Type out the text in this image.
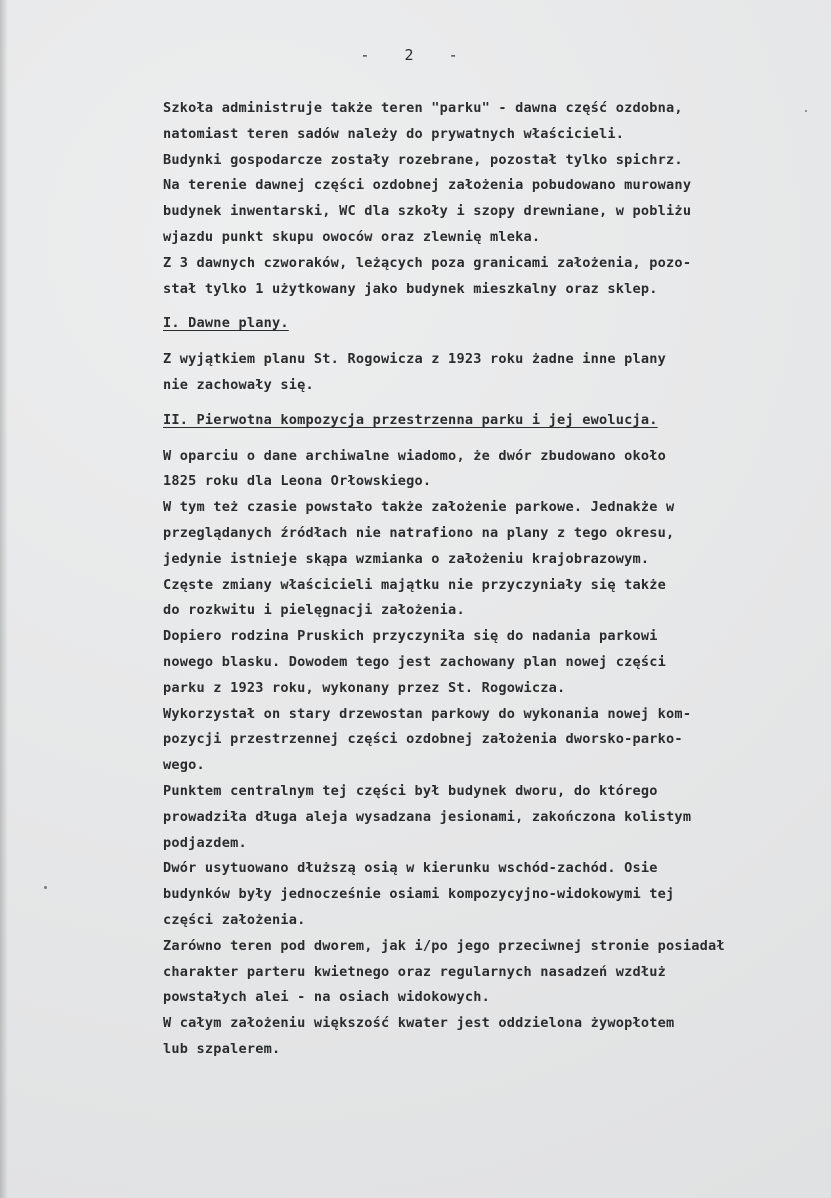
-   2   -
Szkoła administruje także teren "parku" - dawna część ozdobna,
natomiast teren sadów należy do prywatnych właścicieli.
Budynki gospodarcze zostały rozebrane, pozostał tylko spichrz.
Na terenie dawnej części ozdobnej założenia pobudowano murowany
budynek inwentarski, WC dla szkoły i szopy drewniane, w pobliżu
wjazdu punkt skupu owoców oraz zlewnię mleka.
Z 3 dawnych czworaków, leżących poza granicami założenia, pozo-
stał tylko 1 użytkowany jako budynek mieszkalny oraz sklep.
I. Dawne plany.
Z wyjątkiem planu St. Rogowicza z 1923 roku żadne inne plany
nie zachowały się.
II. Pierwotna kompozycja przestrzenna parku i jej ewolucja.
W oparciu o dane archiwalne wiadomo, że dwór zbudowano około
1825 roku dla Leona Orłowskiego.
W tym też czasie powstało także założenie parkowe. Jednakże w
przeglądanych źródłach nie natrafiono na plany z tego okresu,
jedynie istnieje skąpa wzmianka o założeniu krajobrazowym.
Częste zmiany właścicieli majątku nie przyczyniały się także
do rozkwitu i pielęgnacji założenia.
Dopiero rodzina Pruskich przyczyniła się do nadania parkowi
nowego blasku. Dowodem tego jest zachowany plan nowej części
parku z 1923 roku, wykonany przez St. Rogowicza.
Wykorzystał on stary drzewostan parkowy do wykonania nowej kom-
pozycji przestrzennej części ozdobnej założenia dworsko-parko-
wego.
Punktem centralnym tej części był budynek dworu, do którego
prowadziła długa aleja wysadzana jesionami, zakończona kolistym
podjazdem.
Dwór usytuowano dłuższą osią w kierunku wschód-zachód. Osie
budynków były jednocześnie osiami kompozycyjno-widokowymi tej
części założenia.
Zarówno teren pod dworem, jak i/po jego przeciwnej stronie posiadał
charakter parteru kwietnego oraz regularnych nasadzeń wzdłuż
powstałych alei - na osiach widokowych.
W całym założeniu większość kwater jest oddzielona żywopłotem
lub szpalerem.
